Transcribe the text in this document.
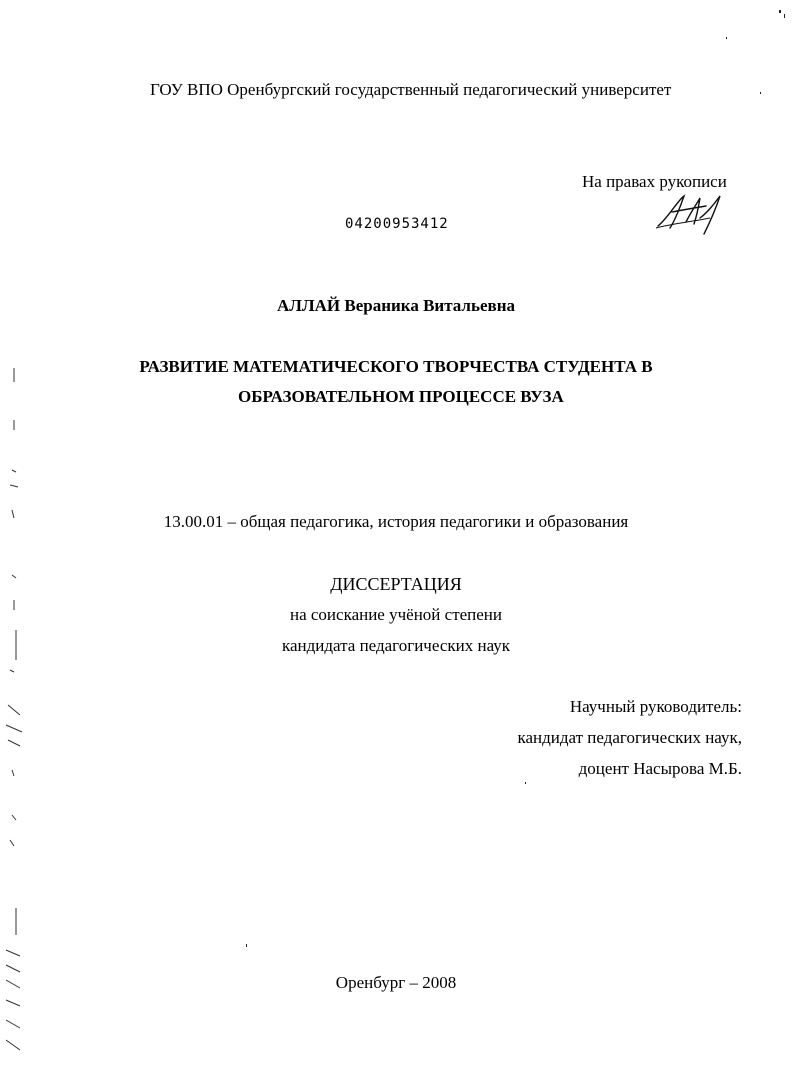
ГОУ ВПО Оренбургский государственный педагогический университет
На правах рукописи
04200953412
АЛЛАЙ Вераника Витальевна
РАЗВИТИЕ МАТЕМАТИЧЕСКОГО ТВОРЧЕСТВА СТУДЕНТА В
ОБРАЗОВАТЕЛЬНОМ ПРОЦЕССЕ ВУЗА
13.00.01 – общая педагогика, история педагогики и образования
ДИССЕРТАЦИЯ
на соискание учёной степени
кандидата педагогических наук
Научный руководитель:
кандидат педагогических наук,
доцент Насырова М.Б.
Оренбург – 2008
